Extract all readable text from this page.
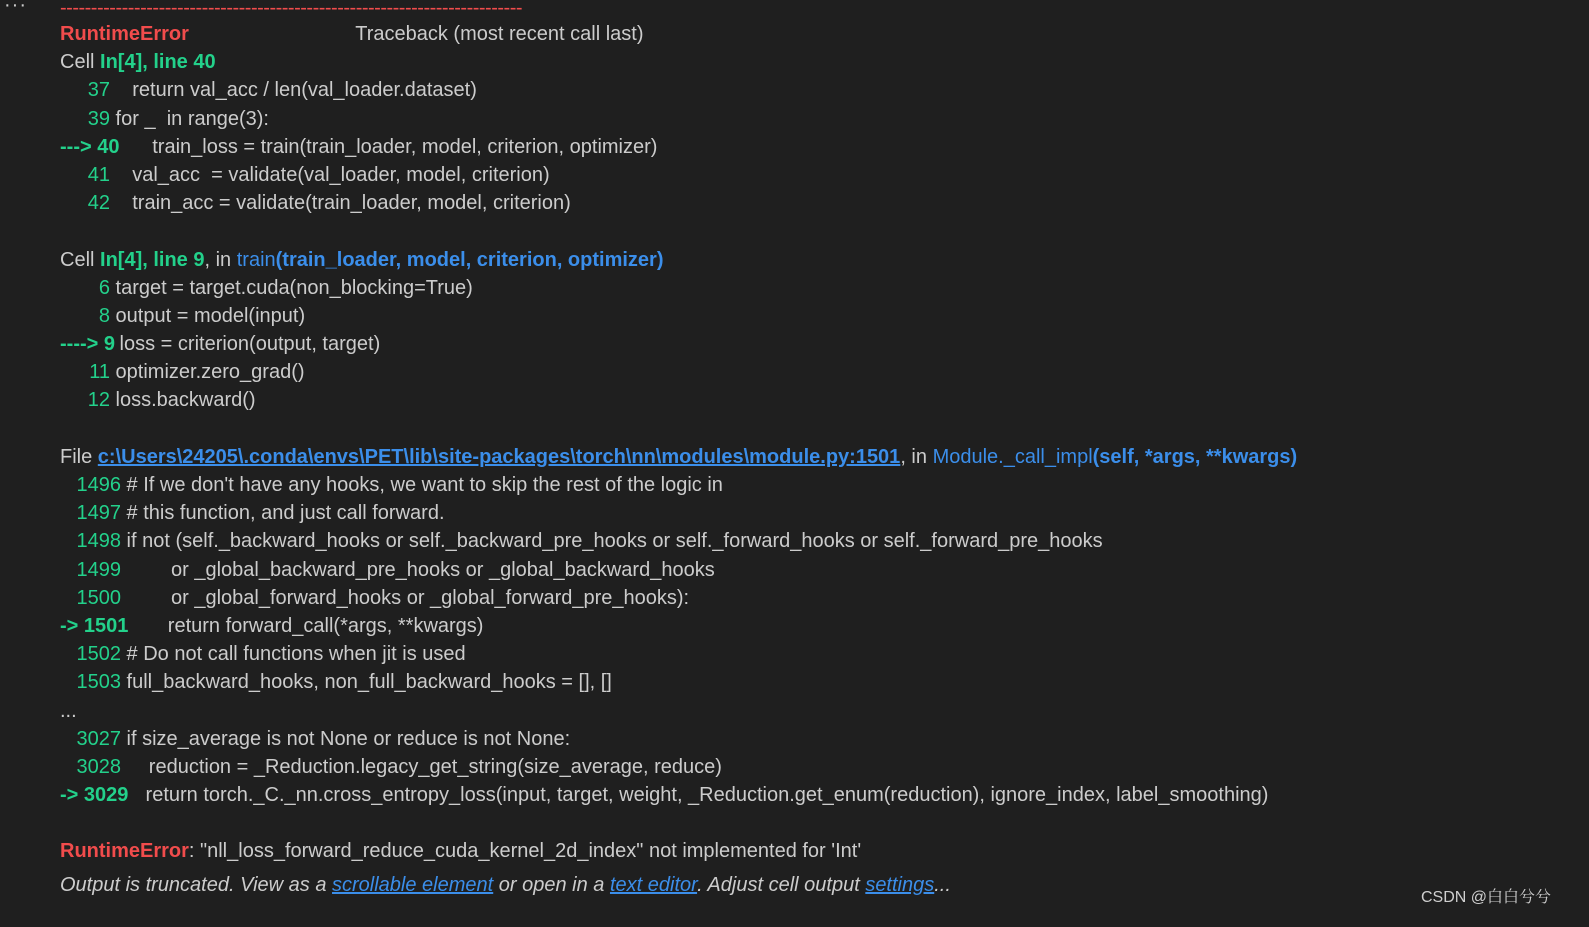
··· ---------------------------------------------------------------------------
RuntimeError	Traceback (most recent call last)
Cell In[4], line 40
37    return val_acc / len(val_loader.dataset)
39 for _  in range(3):
---> 40    train_loss = train(train_loader, model, criterion, optimizer)
41    val_acc  = validate(val_loader, model, criterion)
42    train_acc = validate(train_loader, model, criterion)
Cell In[4], line 9, in train(train_loader, model, criterion, optimizer)
6 target = target.cuda(non_blocking=True)
8 output = model(input)
----> 9 loss = criterion(output, target)
11 optimizer.zero_grad()
12 loss.backward()
File c:\Users\24205\.conda\envs\PET\lib\site-packages\torch\nn\modules\module.py:1501, in Module._call_impl(self, *args, **kwargs)
1496 # If we don't have any hooks, we want to skip the rest of the logic in
1497 # this function, and just call forward.
1498 if not (self._backward_hooks or self._backward_pre_hooks or self._forward_hooks or self._forward_pre_hooks
1499         or _global_backward_pre_hooks or _global_backward_hooks
1500         or _global_forward_hooks or _global_forward_pre_hooks):
-> 1501     return forward_call(*args, **kwargs)
1502 # Do not call functions when jit is used
1503 full_backward_hooks, non_full_backward_hooks = [], []
...
3027 if size_average is not None or reduce is not None:
3028     reduction = _Reduction.legacy_get_string(size_average, reduce)
-> 3029 return torch._C._nn.cross_entropy_loss(input, target, weight, _Reduction.get_enum(reduction), ignore_index, label_smoothing)
RuntimeError: "nll_loss_forward_reduce_cuda_kernel_2d_index" not implemented for 'Int'
Output is truncated. View as a scrollable element or open in a text editor. Adjust cell output settings...
CSDN @白白兮兮
